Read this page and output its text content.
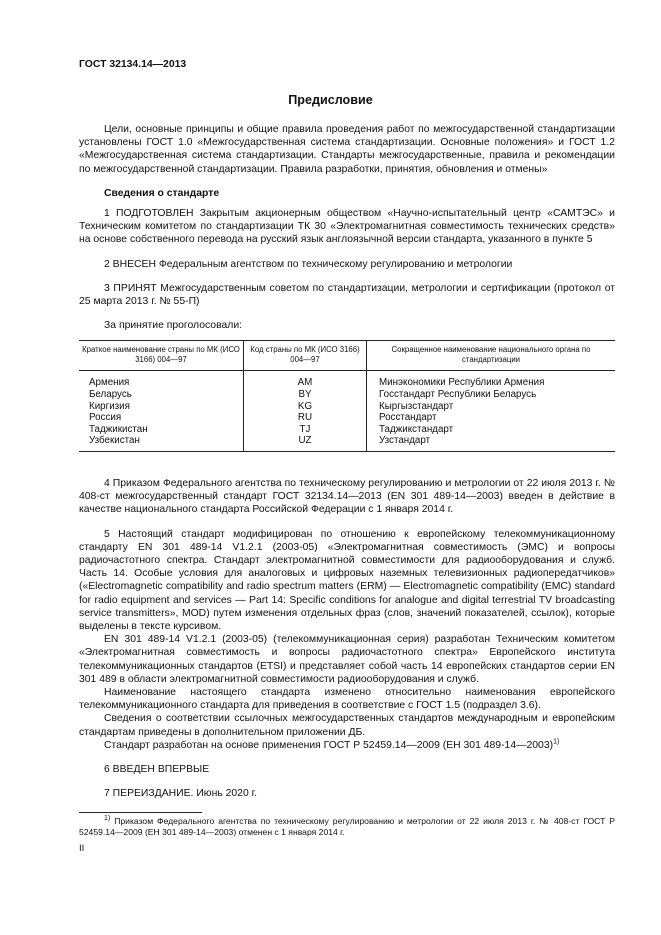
ГОСТ 32134.14—2013
Предисловие

Цели, основные принципы и общие правила проведения работ по межгосударственной стандартизации установлены ГОСТ 1.0 «Межгосударственная система стандартизации. Основные положения» и ГОСТ 1.2 «Межгосударственная система стандартизации. Стандарты межгосударственные, правила и рекомендации по межгосударственной стандартизации. Правила разработки, принятия, обновления и отмены»

Сведения о стандарте

1 ПОДГОТОВЛЕН Закрытым акционерным обществом «Научно-испытательный центр «САМТЭС» и Техническим комитетом по стандартизации ТК 30 «Электромагнитная совместимость технических средств» на основе собственного перевода на русский язык англоязычной версии стандарта, указанного в пункте 5

2 ВНЕСЕН Федеральным агентством по техническому регулированию и метрологии

3 ПРИНЯТ Межгосударственным советом по стандартизации, метрологии и сертификации (протокол от 25 марта 2013 г. № 55-П)

За принятие проголосовали:

Краткое наименование страны по МК (ИСО 3166) 004—97	Код страны по МК (ИСО 3166) 004—97	Сокращенное наименование национального органа по стандартизации
Армения	AM	Минэкономики Республики Армения
Беларусь	BY	Госстандарт Республики Беларусь
Киргизия	KG	Кыргызстандарт
Россия	RU	Росстандарт
Таджикистан	TJ	Таджикстандарт
Узбекистан	UZ	Узстандарт

4 Приказом Федерального агентства по техническому регулированию и метрологии от 22 июля 2013 г. № 408-ст межгосударственный стандарт ГОСТ 32134.14—2013 (EN 301 489-14—2003) введен в действие в качестве национального стандарта Российской Федерации с 1 января 2014 г.

5 Настоящий стандарт модифицирован по отношению к европейскому телекоммуникационному стандарту EN 301 489-14 V1.2.1 (2003-05) «Электромагнитная совместимость (ЭМС) и вопросы радиочастотного спектра. Стандарт электромагнитной совместимости для радиооборудования и служб. Часть 14. Особые условия для аналоговых и цифровых наземных телевизионных радиопередатчиков» («Electromagnetic compatibility and radio spectrum matters (ERM) — Electromagnetic compatibility (EMC) standard for radio equipment and services — Part 14: Specific conditions for analogue and digital terrestrial TV broadcasting service transmitters», MOD) путем изменения отдельных фраз (слов, значений показателей, ссылок), которые выделены в тексте курсивом.

EN 301 489-14 V1.2.1 (2003-05) (телекоммуникационная серия) разработан Техническим комитетом «Электромагнитная совместимость и вопросы радиочастотного спектра» Европейского института телекоммуникационных стандартов (ETSI) и представляет собой часть 14 европейских стандартов серии EN 301 489 в области электромагнитной совместимости радиооборудования и служб.

Наименование настоящего стандарта изменено относительно наименования европейского телекоммуникационного стандарта для приведения в соответствие с ГОСТ 1.5 (подраздел 3.6).

Сведения о соответствии ссылочных межгосударственных стандартов международным и европейским стандартам приведены в дополнительном приложении ДБ.

Стандарт разработан на основе применения ГОСТ Р 52459.14—2009 (ЕН 301 489-14—2003)$^{1)}$

6 ВВЕДЕН ВПЕРВЫЕ

7 ПЕРЕИЗДАНИЕ. Июнь 2020 г.

$^{1)}$ Приказом Федерального агентства по техническому регулированию и метрологии от 22 июля 2013 г. № 408-ст ГОСТ Р 52459.14—2009 (ЕН 301 489-14—2003) отменен с 1 января 2014 г.
II
